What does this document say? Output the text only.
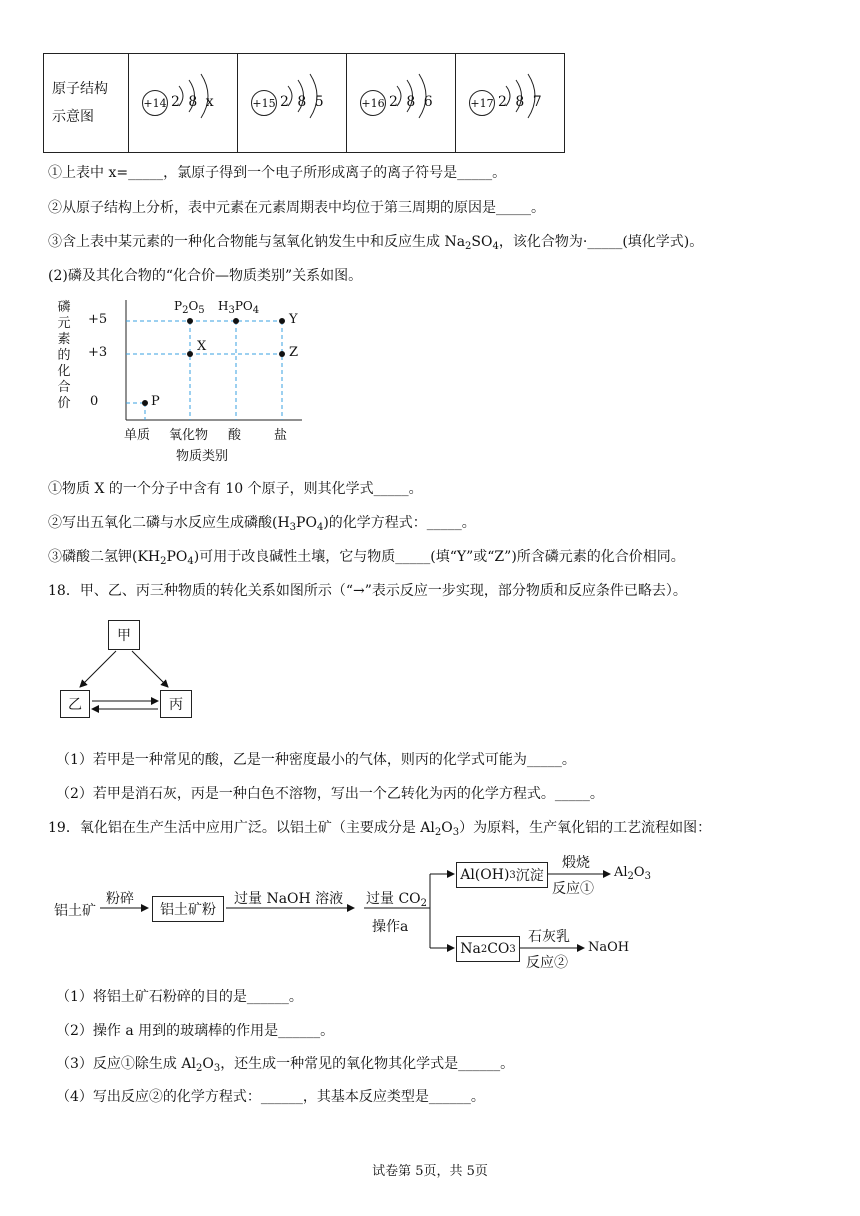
原子结构
示意图

+14 2 8 x	+15 2 8 5	+16 2 8 6	+17 2 8 7
①上表中 x=_____，氯原子得到一个电子所形成离子的离子符号是_____。
②从原子结构上分析，表中元素在元素周期表中均位于第三周期的原因是_____。
③含上表中某元素的一种化合物能与氢氧化钠发生中和反应生成 $Na_2SO_4$，该化合物为·_____(填化学式)。
(2)磷及其化合物的“化合价—物质类别”关系如图。
+5
+3
0
磷元素的化合价	P
$P_2O_5$
X
$H_3PO_4$
Y
Z
单质 氧化物 酸	盐
物质类别
①物质 X 的一个分子中含有 10 个原子，则其化学式_____。
②写出五氧化二磷与水反应生成磷酸$(H_3PO_4)$的化学方程式：_____。
③磷酸二氢钾$(KH_2PO_4)$可用于改良碱性土壤，它与物质_____(填“Y”或“Z”)所含磷元素的化合价相同。
18．甲、乙、丙三种物质的转化关系如图所示（“→”表示反应一步实现，部分物质和反应条件已略去）。
甲
乙	丙
（1）若甲是一种常见的酸，乙是一种密度最小的气体，则丙的化学式可能为_____。
（2）若甲是消石灰，丙是一种白色不溶物，写出一个乙转化为丙的化学方程式。_____。
19．氧化铝在生产生活中应用广泛。以铝土矿（主要成分是 $Al_2O_3$）为原料，生产氧化铝的工艺流程如图：
铝土矿
粉碎
铝土矿粉
过量 NaOH 溶液 过量 $CO_2$
操作a
Al(OH) 3 沉淀
煅烧
反应①
$Al_2O_3$
Na 2 CO 3
石灰乳
反应②
NaOH
（1）将铝土矿石粉碎的目的是______。
（2）操作 a 用到的玻璃棒的作用是______。
（3）反应①除生成 $Al_2O_3$，还生成一种常见的氧化物其化学式是______。
（4）写出反应②的化学方程式：______，其基本反应类型是______。
试卷第 5页，共 5页
